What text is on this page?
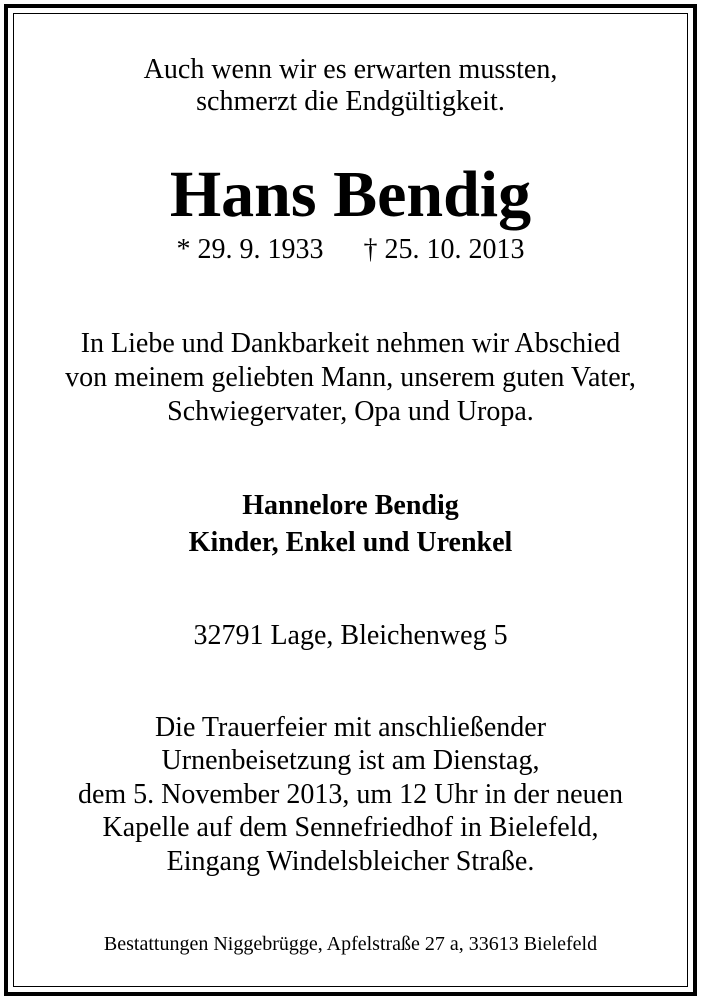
Auch wenn wir es erwarten mussten,
schmerzt die Endgültigkeit.
Hans Bendig
* 29. 9. 1933 † 25. 10. 2013
In Liebe und Dankbarkeit nehmen wir Abschied
von meinem geliebten Mann, unserem guten Vater,
Schwiegervater, Opa und Uropa.
Hannelore Bendig
Kinder, Enkel und Urenkel
32791 Lage, Bleichenweg 5
Die Trauerfeier mit anschließender
Urnenbeisetzung ist am Dienstag,
dem 5. November 2013, um 12 Uhr in der neuen
Kapelle auf dem Sennefriedhof in Bielefeld,
Eingang Windelsbleicher Straße.
Bestattungen Niggebrügge, Apfelstraße 27 a, 33613 Bielefeld
